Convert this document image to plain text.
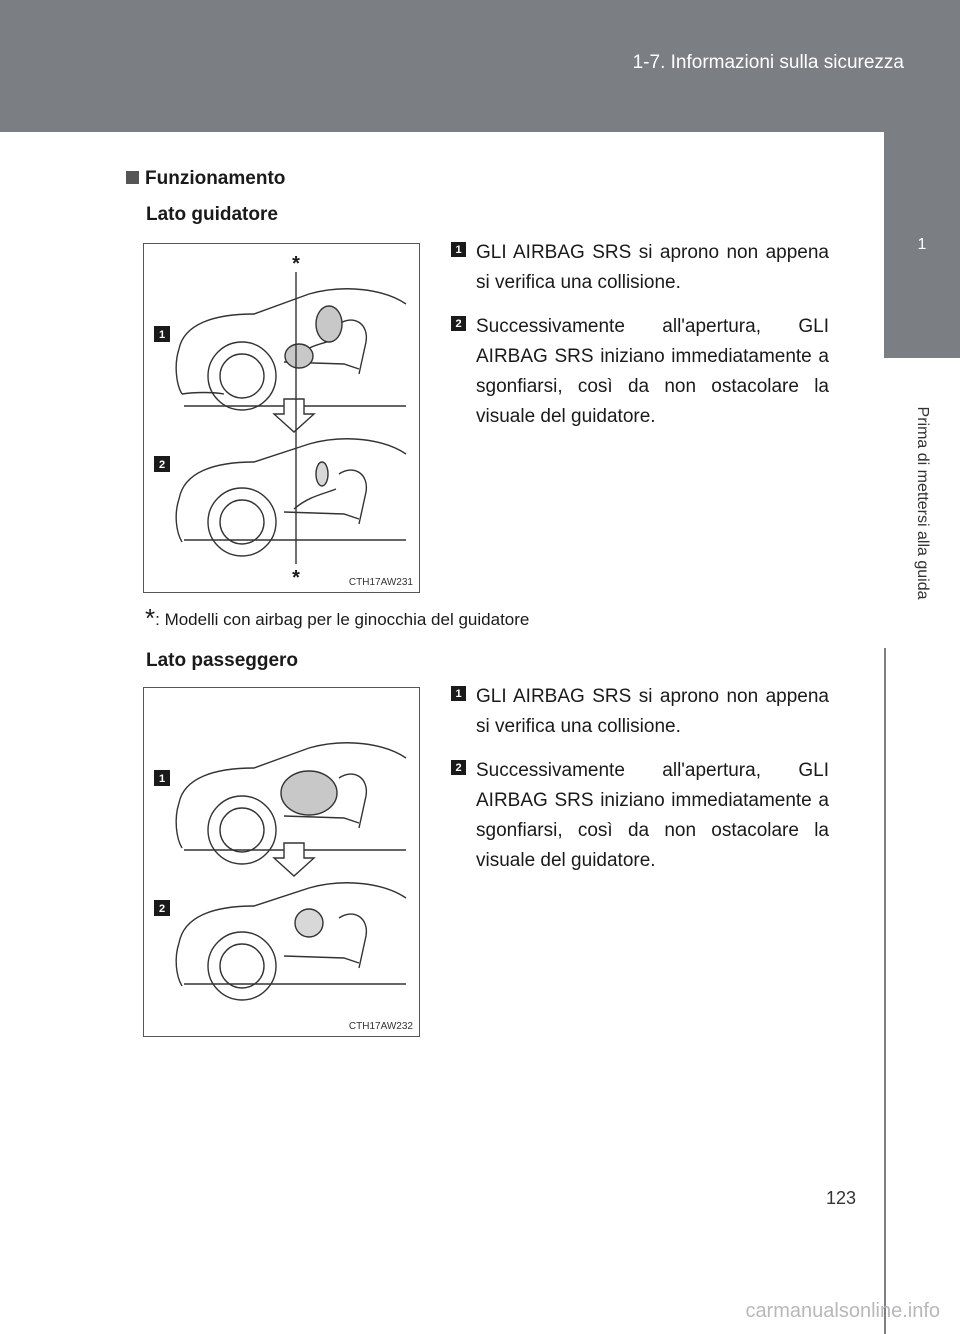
1-7. Informazioni sulla sicurezza
1
Prima di mettersi alla guida
Funzionamento
Lato guidatore
1
2
*
*	CTH17AW231
1 GLI AIRBAG SRS si aprono non appena si verifica una collisione.
2 Successivamente all'apertura, GLI AIRBAG SRS iniziano immediatamente a sgonfiarsi, così da non ostacolare la visuale del guidatore.
*: Modelli con airbag per le ginocchia del guidatore
Lato passeggero
1
2
CTH17AW232
1 GLI AIRBAG SRS si aprono non appena si verifica una collisione.
2 Successivamente all'apertura, GLI AIRBAG SRS iniziano immediatamente a sgonfiarsi, così da non ostacolare la visuale del guidatore.
123
carmanualsonline.info
